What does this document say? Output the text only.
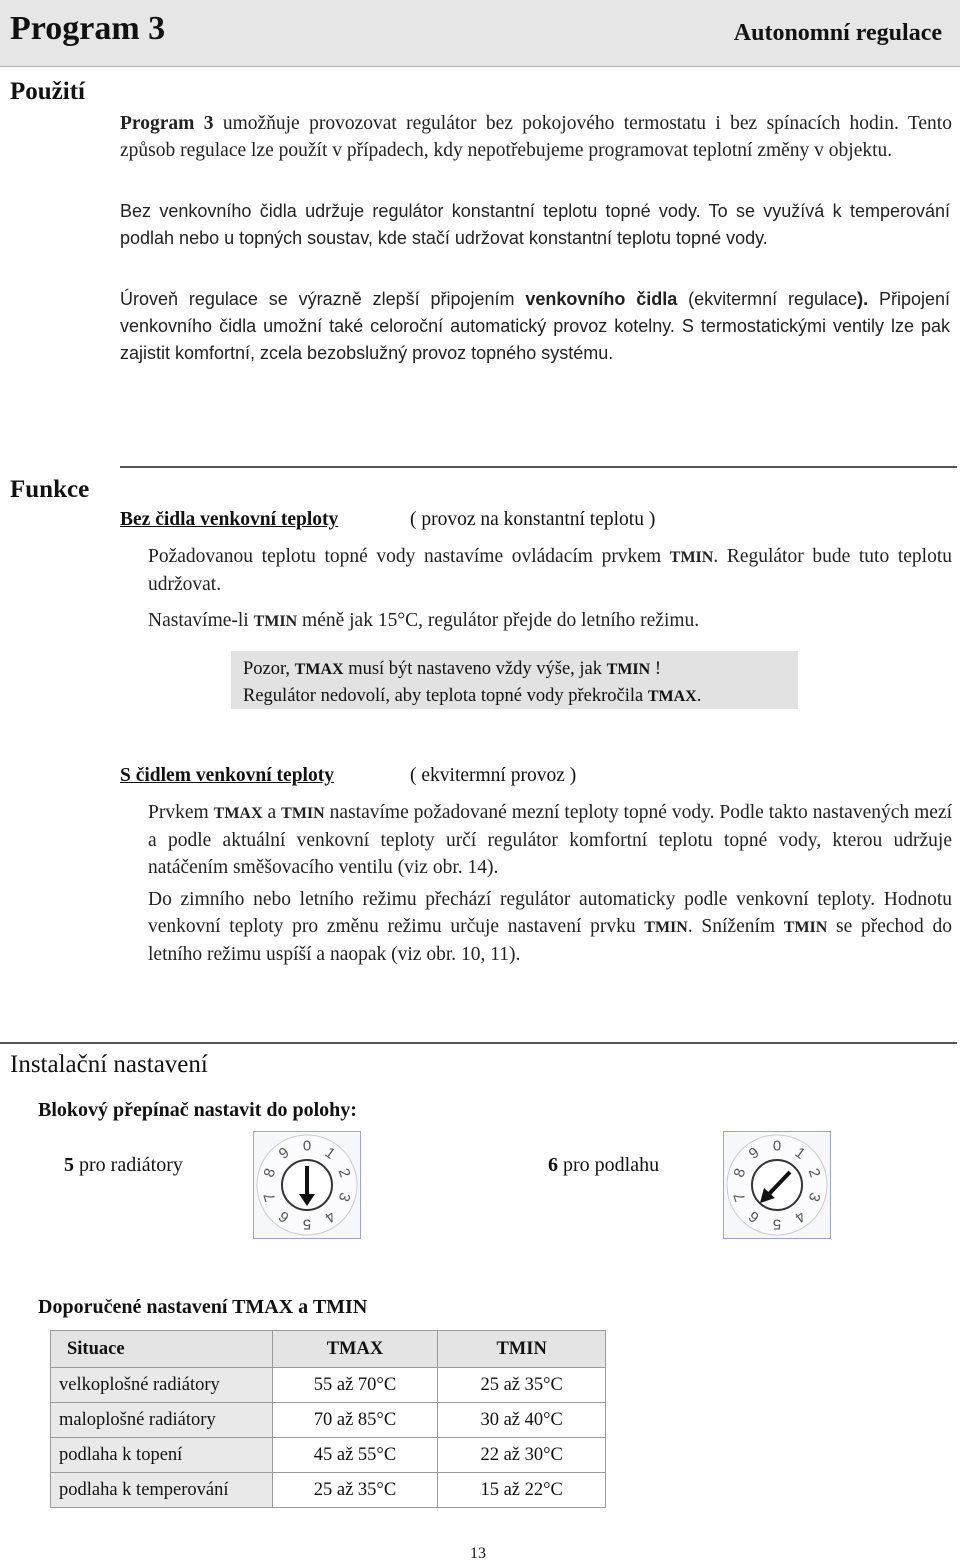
Program 3	Autonomní regulace
Použití
Program 3 umožňuje provozovat regulátor bez pokojového termostatu i bez spínacích hodin. Tento způsob regulace lze použít v případech, kdy nepotřebujeme programovat teplotní změny v objektu.
Bez venkovního čidla udržuje regulátor konstantní teplotu topné vody. To se využívá k temperování podlah nebo u topných soustav, kde stačí udržovat konstantní teplotu topné vody.
Úroveň regulace se výrazně zlepší připojením venkovního čidla (ekvitermní regulace). Připojení venkovního čidla umožní také celoroční automatický provoz kotelny. S termostatickými ventily lze pak zajistit komfortní, zcela bezobslužný provoz topného systému.
Funkce
Bez čidla venkovní teploty	( provoz na konstantní teplotu )
Požadovanou teplotu topné vody nastavíme ovládacím prvkem TMIN. Regulátor bude tuto teplotu udržovat.
Nastavíme-li TMIN méně jak 15°C, regulátor přejde do letního režimu.
Pozor, TMAX musí být nastaveno vždy výše, jak TMIN !
Regulátor nedovolí, aby teplota topné vody překročila TMAX.
S čidlem venkovní teploty	( ekvitermní provoz )
Prvkem TMAX a TMIN nastavíme požadované mezní teploty topné vody. Podle takto nastavených mezí a podle aktuální venkovní teploty určí regulátor komfortní teplotu topné vody, kterou udržuje natáčením směšovacího ventilu (viz obr. 14).
Do zimního nebo letního režimu přechází regulátor automaticky podle venkovní teploty. Hodnotu venkovní teploty pro změnu režimu určuje nastavení prvku TMIN. Snížením TMIN se přechod do letního režimu uspíší a naopak (viz obr. 10, 11).
Instalační nastavení
Blokový přepínač nastavit do polohy:
5 pro radiátory	6 pro podlahu
0 1
2
3
4
5
6
7
8
9	0 1
2
3
4
5
6
7
8
9
Doporučené nastavení TMAX a TMIN
Situace	TMAX	TMIN
velkoplošné radiátory	55 až 70°C	25 až 35°C
maloplošné radiátory	70 až 85°C	30 až 40°C
podlaha k topení	45 až 55°C	22 až 30°C
podlaha k temperování	25 až 35°C	15 až 22°C
13
